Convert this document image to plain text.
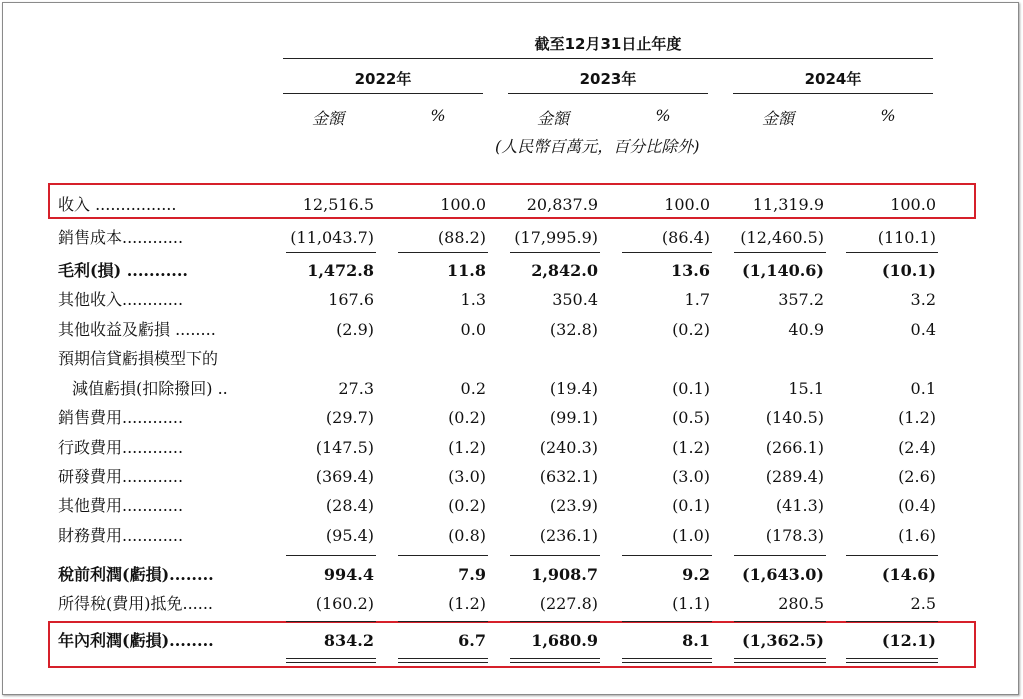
截至12月31日止年度
2022年	2023年	2024年
金額	%	金額	%	金額	%
(人民幣百萬元，百分比除外)
收入 ................	12,516.5	100.0	20,837.9	100.0	11,319.9	100.0
銷售成本............	(11,043.7)	(88.2) (17,995.9)	(86.4) (12,460.5)	(110.1)
毛利(損) ...........	1,472.8	11.8	2,842.0	13.6 (1,140.6)	(10.1)
其他收入............	167.6	1.3	350.4	1.7	357.2	3.2
其他收益及虧損 ........	(2.9)	0.0	(32.8)	(0.2)	40.9	0.4
預期信貸虧損模型下的
減值虧損(扣除撥回) ..	27.3	0.2	(19.4)	(0.1)	15.1	0.1
銷售費用............	(29.7)	(0.2)	(99.1)	(0.5)	(140.5)	(1.2)
行政費用............	(147.5)	(1.2)	(240.3)	(1.2)	(266.1)	(2.4)
研發費用............	(369.4)	(3.0)	(632.1)	(3.0)	(289.4)	(2.6)
其他費用............	(28.4)	(0.2)	(23.9)	(0.1)	(41.3)	(0.4)
財務費用............	(95.4)	(0.8)	(236.1)	(1.0)	(178.3)	(1.6)
稅前利潤(虧損)........	994.4	7.9	1,908.7	9.2 (1,643.0)	(14.6)
所得稅(費用)抵免......	(160.2)	(1.2)	(227.8)	(1.1)	280.5	2.5
年內利潤(虧損)........	834.2	6.7	1,680.9	8.1 (1,362.5)	(12.1)
